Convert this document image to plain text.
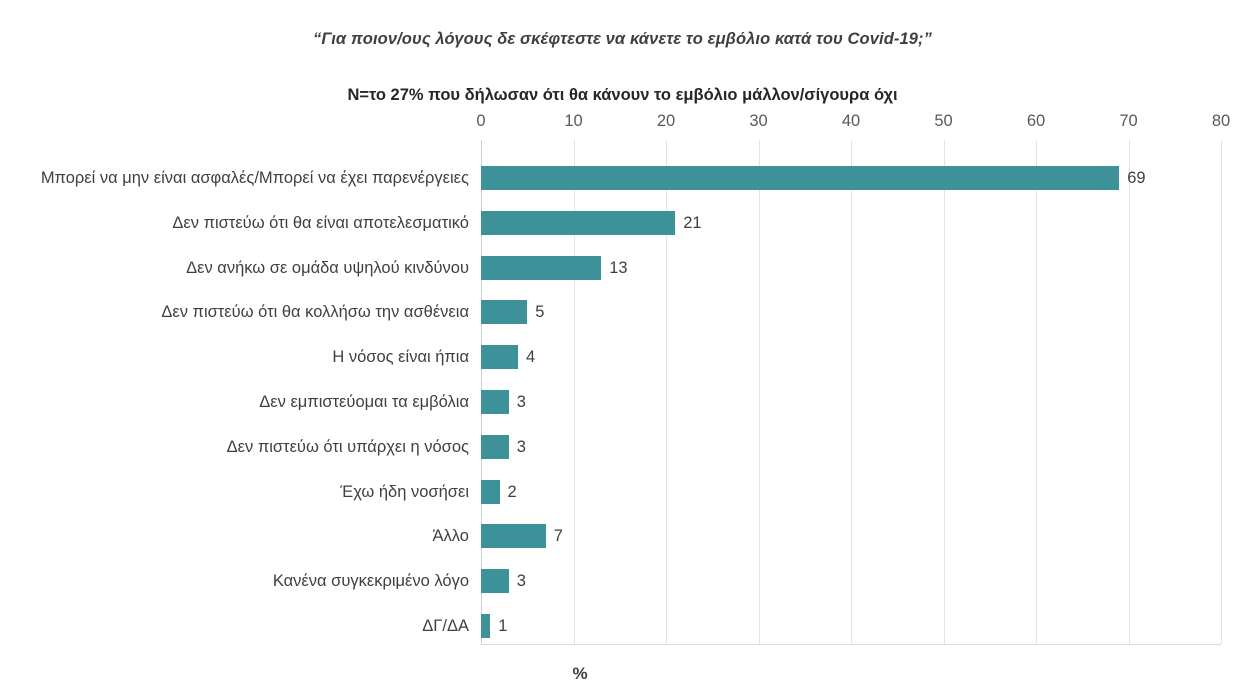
“Για ποιον/ους λόγους δε σκέφτεστε να κάνετε το εμβόλιο κατά του Covid-19;”
Ν=το 27% που δήλωσαν ότι θα κάνουν το εμβόλιο μάλλον/σίγουρα όχι
%
0	10	20	30	40	50	60	70	80
69
Μπορεί να μην είναι ασφαλές/Μπορεί να έχει παρενέργειες
21
Δεν πιστεύω ότι θα είναι αποτελεσματικό
13
Δεν ανήκω σε ομάδα υψηλού κινδύνου
5
Δεν πιστεύω ότι θα κολλήσω την ασθένεια
4
Η νόσος είναι ήπια
3
Δεν εμπιστεύομαι τα εμβόλια
3
Δεν πιστεύω ότι υπάρχει η νόσος
2
Έχω ήδη νοσήσει
7
Άλλο
3
Κανένα συγκεκριμένο λόγο
1
ΔΓ/ΔΑ
